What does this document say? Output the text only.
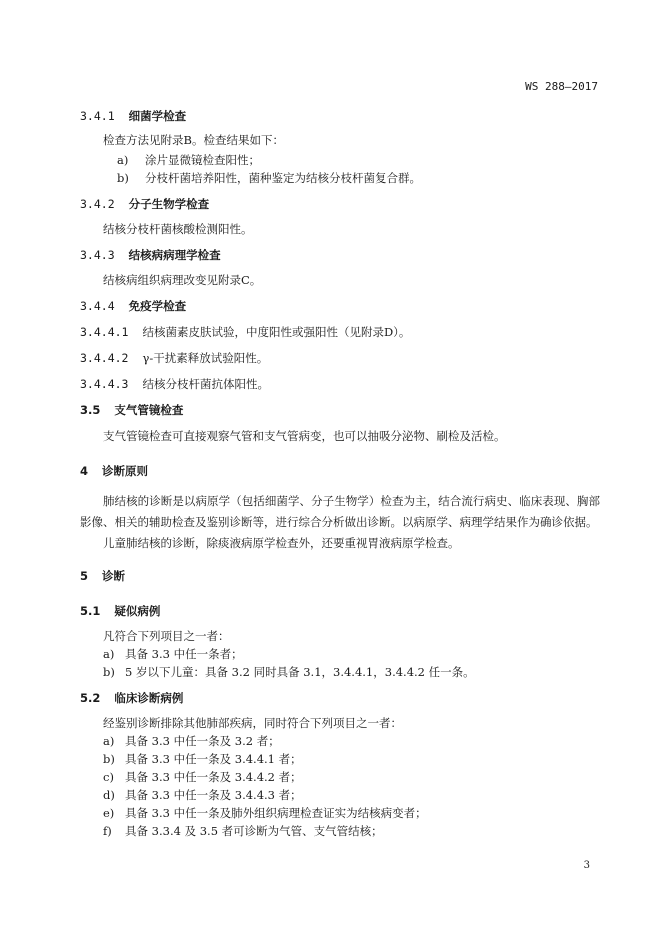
WS 288—2017
3.4.1 细菌学检查
检查方法见附录B。检查结果如下：
a) 涂片显微镜检查阳性；
b) 分枝杆菌培养阳性，菌种鉴定为结核分枝杆菌复合群。
3.4.2 分子生物学检查
结核分枝杆菌核酸检测阳性。
3.4.3 结核病病理学检查
结核病组织病理改变见附录C。
3.4.4 免疫学检查
3.4.4.1 结核菌素皮肤试验，中度阳性或强阳性（见附录D）。
3.4.4.2 γ-干扰素释放试验阳性。
3.4.4.3 结核分枝杆菌抗体阳性。
3.5 支气管镜检查
支气管镜检查可直接观察气管和支气管病变，也可以抽吸分泌物、刷检及活检。
4 诊断原则
肺结核的诊断是以病原学（包括细菌学、分子生物学）检查为主，结合流行病史、临床表现、胸部影像、相关的辅助检查及鉴别诊断等，进行综合分析做出诊断。以病原学、病理学结果作为确诊依据。
儿童肺结核的诊断，除痰液病原学检查外，还要重视胃液病原学检查。
5 诊断
5.1 疑似病例
凡符合下列项目之一者：
a) 具备 3.3 中任一条者；
b) 5 岁以下儿童：具备 3.2 同时具备 3.1，3.4.4.1，3.4.4.2 任一条。
5.2 临床诊断病例
经鉴别诊断排除其他肺部疾病，同时符合下列项目之一者：
a) 具备 3.3 中任一条及 3.2 者；
b) 具备 3.3 中任一条及 3.4.4.1 者；
c) 具备 3.3 中任一条及 3.4.4.2 者；
d) 具备 3.3 中任一条及 3.4.4.3 者；
e) 具备 3.3 中任一条及肺外组织病理检查证实为结核病变者；
f) 具备 3.3.4 及 3.5 者可诊断为气管、支气管结核；
3
